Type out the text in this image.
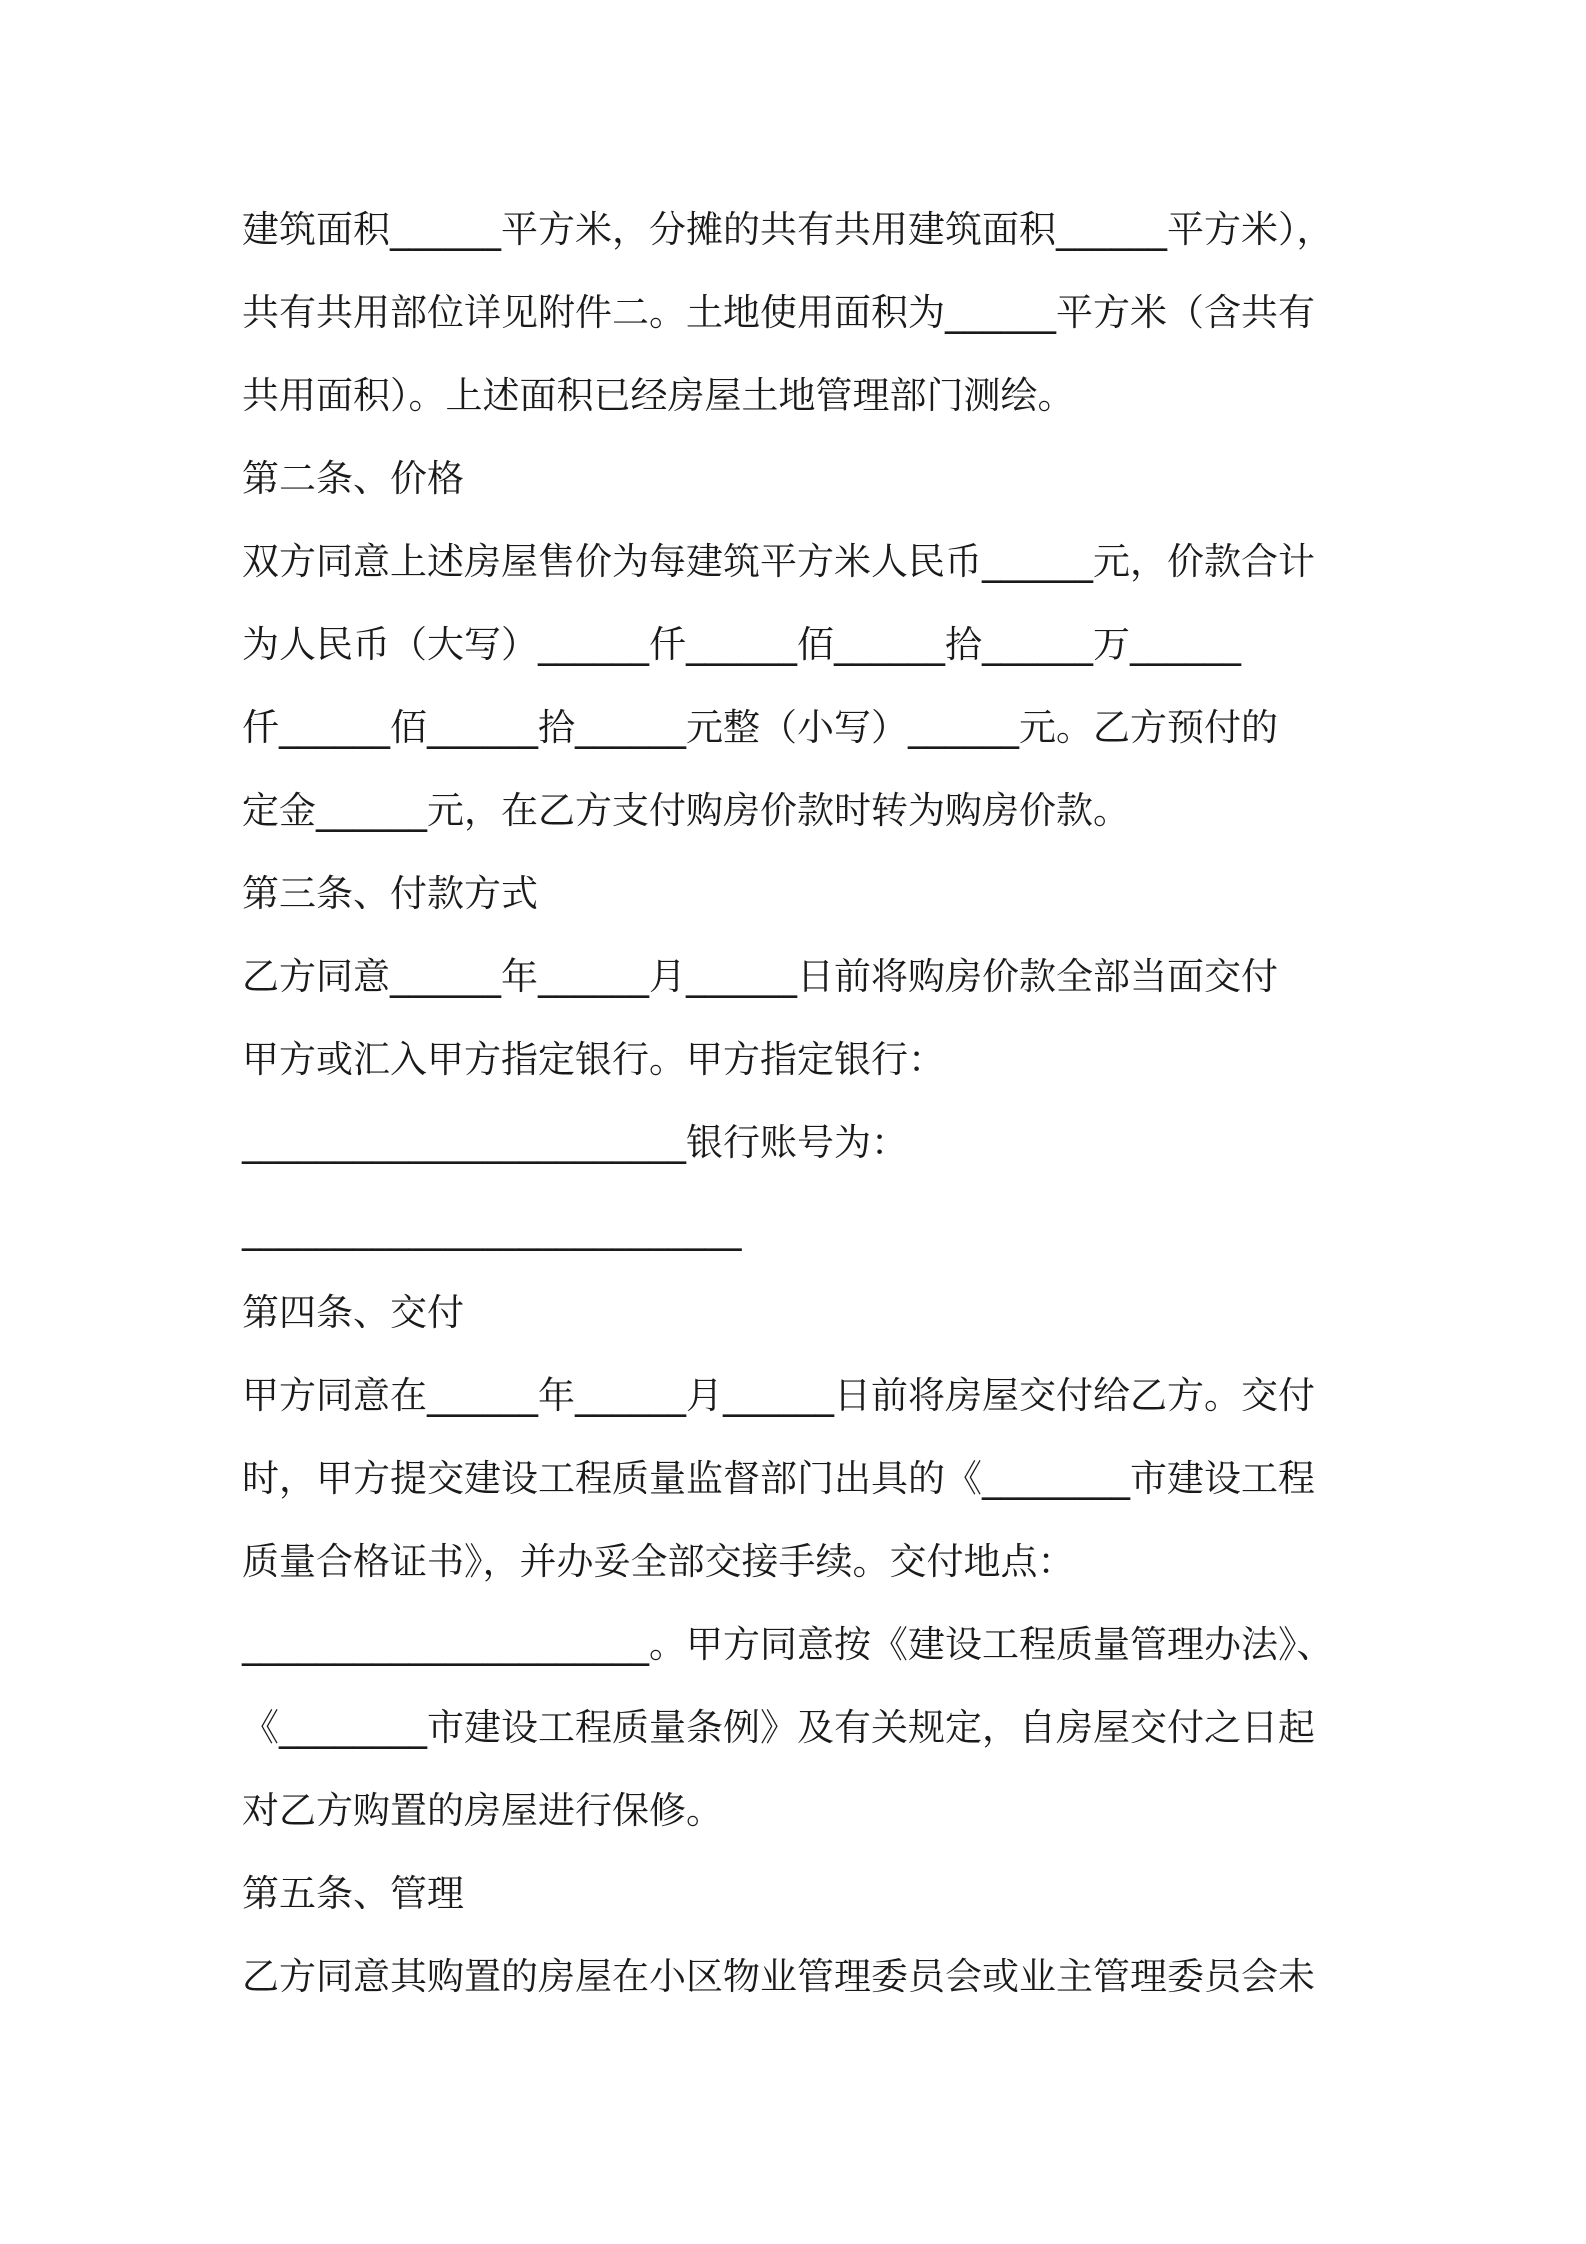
建筑面积______平方米，分摊的共有共用建筑面积______平方米），
共有共用部位详见附件二。土地使用面积为______平方米（含共有
共用面积）。上述面积已经房屋土地管理部门测绘。
第二条、价格
双方同意上述房屋售价为每建筑平方米人民币______元，价款合计
为人民币（大写）______仟______佰______拾______万______
仟______佰______拾______元整（小写）______元。乙方预付的
定金______元，在乙方支付购房价款时转为购房价款。
第三条、付款方式
乙方同意______年______月______日前将购房价款全部当面交付
甲方或汇入甲方指定银行。甲方指定银行：
________________________银行账号为：
___________________________
第四条、交付
甲方同意在______年______月______日前将房屋交付给乙方。交付
时，甲方提交建设工程质量监督部门出具的《________市建设工程
质量合格证书》，并办妥全部交接手续。交付地点：
______________________。甲方同意按《建设工程质量管理办法》、
《________市建设工程质量条例》及有关规定，自房屋交付之日起
对乙方购置的房屋进行保修。
第五条、管理
乙方同意其购置的房屋在小区物业管理委员会或业主管理委员会未
